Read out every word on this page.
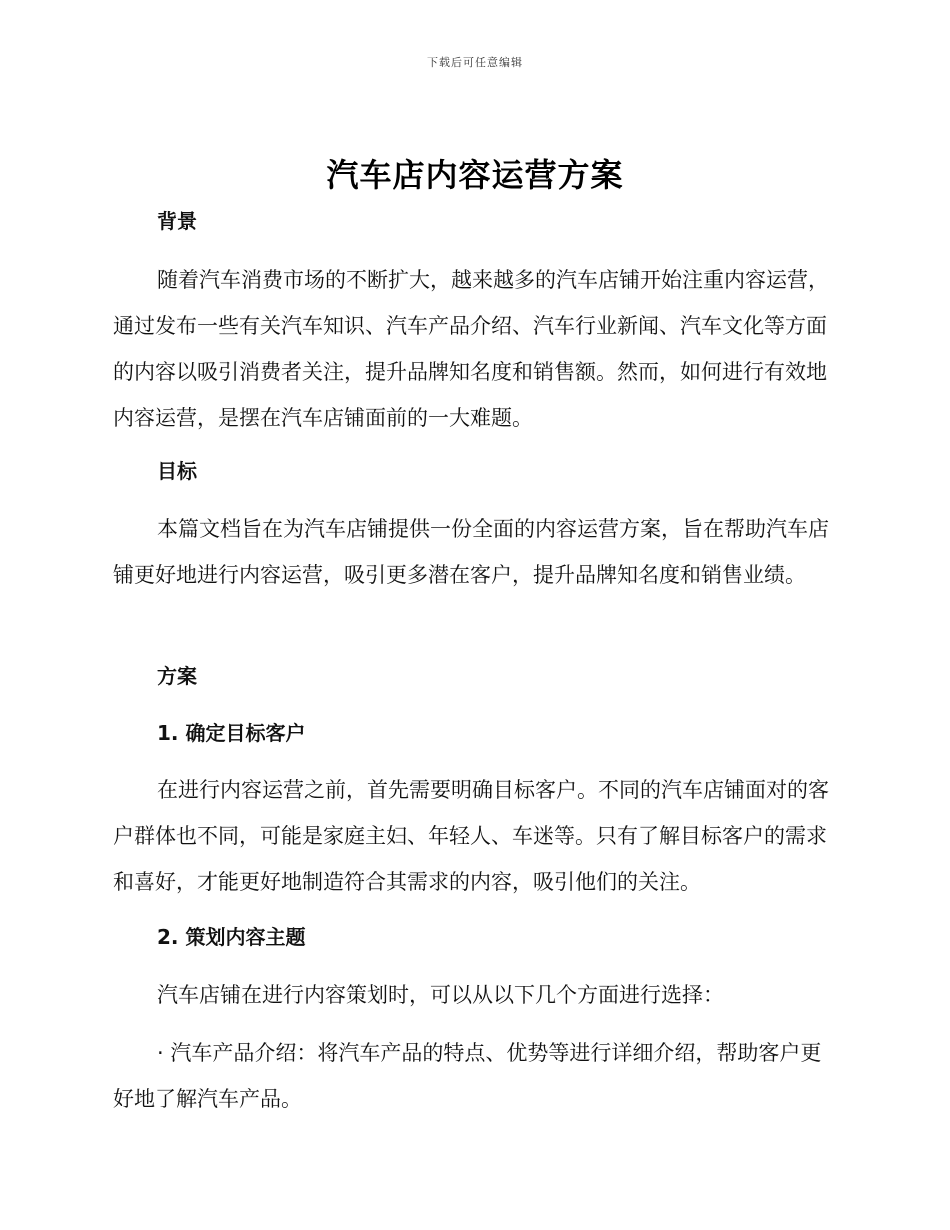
下载后可任意编辑
汽车店内容运营方案
背景

随着汽车消费市场的不断扩大，越来越多的汽车店铺开始注重内容运营，通过发布一些有关汽车知识、汽车产品介绍、汽车行业新闻、汽车文化等方面的内容以吸引消费者关注，提升品牌知名度和销售额。然而，如何进行有效地内容运营，是摆在汽车店铺面前的一大难题。

目标

本篇文档旨在为汽车店铺提供一份全面的内容运营方案，旨在帮助汽车店铺更好地进行内容运营，吸引更多潜在客户，提升品牌知名度和销售业绩。

方案
1. 确定目标客户

在进行内容运营之前，首先需要明确目标客户。不同的汽车店铺面对的客户群体也不同，可能是家庭主妇、年轻人、车迷等。只有了解目标客户的需求和喜好，才能更好地制造符合其需求的内容，吸引他们的关注。

2. 策划内容主题

汽车店铺在进行内容策划时，可以从以下几个方面进行选择：

· 汽车产品介绍：将汽车产品的特点、优势等进行详细介绍，帮助客户更好地了解汽车产品。
